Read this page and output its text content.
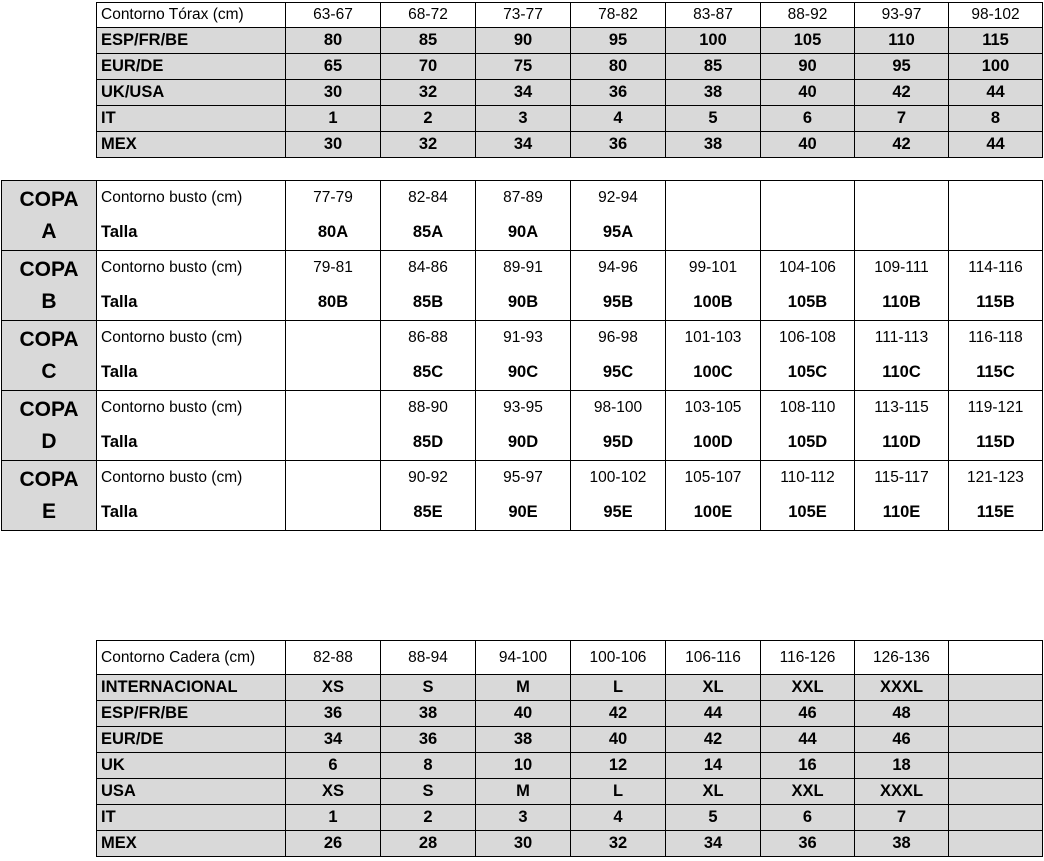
Contorno Tórax (cm)	63-67	68-72	73-77	78-82	83-87	88-92	93-97	98-102
ESP/FR/BE	80	85	90	95	100	105	110	115
EUR/DE	65	70	75	80	85	90	95	100
UK/USA	30	32	34	36	38	40	42	44
IT	1	2	3	4	5	6	7	8
MEX	30	32	34	36	38	40	42	44
COPA
A	Contorno busto (cm)	77-79	82-84	87-89	92-94				
	Talla	80A	85A	90A	95A				

COPA
B	Contorno busto (cm)	79-81	84-86	89-91	94-96	99-101	104-106	109-111	114-116
	Talla	80B	85B	90B	95B	100B	105B	110B	115B

COPA
C	Contorno busto (cm)		86-88	91-93	96-98	101-103	106-108	111-113	116-118
	Talla		85C	90C	95C	100C	105C	110C	115C

COPA
D	Contorno busto (cm)		88-90	93-95	98-100	103-105	108-110	113-115	119-121
	Talla		85D	90D	95D	100D	105D	110D	115D

COPA
E	Contorno busto (cm)		90-92	95-97	100-102	105-107	110-112	115-117	121-123
	Talla		85E	90E	95E	100E	105E	110E	115E
Contorno Cadera (cm)	82-88	88-94	94-100	100-106	106-116	116-126	126-136	
INTERNACIONAL	XS	S	M	L	XL	XXL	XXXL	
ESP/FR/BE	36	38	40	42	44	46	48	
EUR/DE	34	36	38	40	42	44	46	
UK	6	8	10	12	14	16	18	
USA	XS	S	M	L	XL	XXL	XXXL	
IT	1	2	3	4	5	6	7	
MEX	26	28	30	32	34	36	38	
